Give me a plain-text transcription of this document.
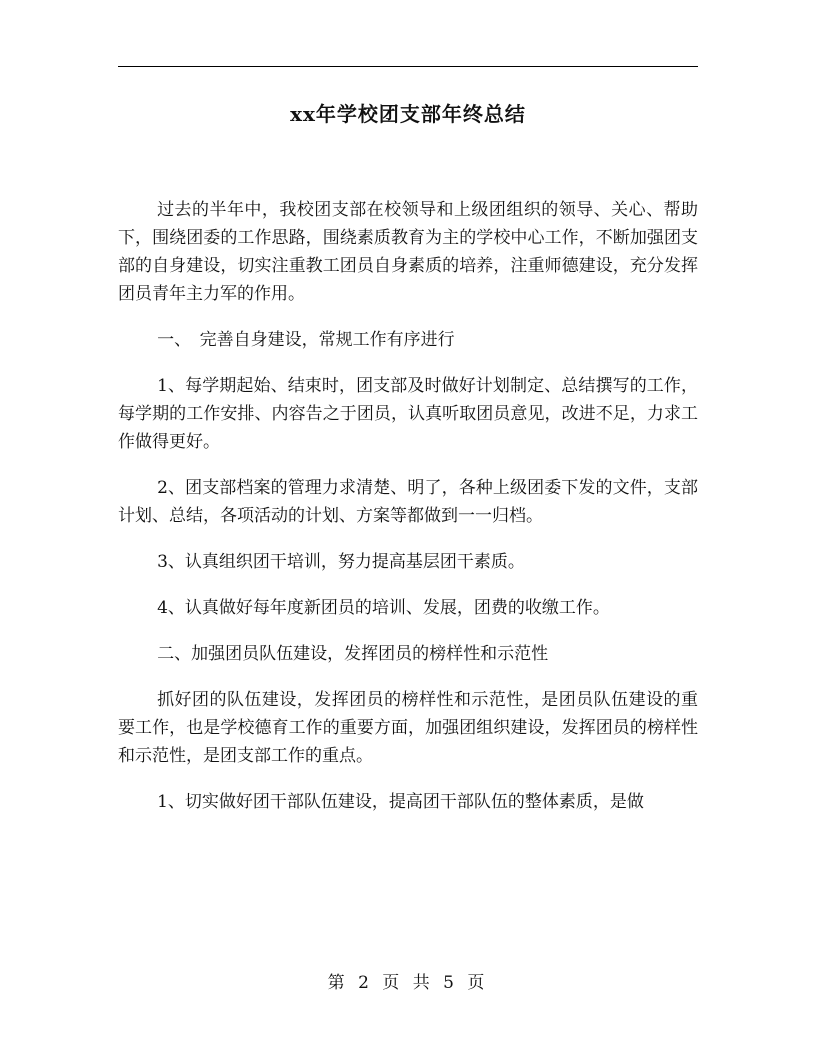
xx年学校团支部年终总结

过去的半年中，我校团支部在校领导和上级团组织的领导、关心、帮助下，围绕团委的工作思路，围绕素质教育为主的学校中心工作，不断加强团支部的自身建设，切实注重教工团员自身素质的培养，注重师德建设，充分发挥团员青年主力军的作用。

一、　完善自身建设，常规工作有序进行

1、每学期起始、结束时，团支部及时做好计划制定、总结撰写的工作，每学期的工作安排、内容告之于团员，认真听取团员意见，改进不足，力求工作做得更好。

2、团支部档案的管理力求清楚、明了，各种上级团委下发的文件，支部计划、总结，各项活动的计划、方案等都做到一一归档。

3、认真组织团干培训，努力提高基层团干素质。

4、认真做好每年度新团员的培训、发展，团费的收缴工作。

二、加强团员队伍建设，发挥团员的榜样性和示范性

抓好团的队伍建设，发挥团员的榜样性和示范性，是团员队伍建设的重要工作，也是学校德育工作的重要方面，加强团组织建设，发挥团员的榜样性和示范性，是团支部工作的重点。

1、切实做好团干部队伍建设，提高团干部队伍的整体素质，是做

第 2 页 共 5 页
